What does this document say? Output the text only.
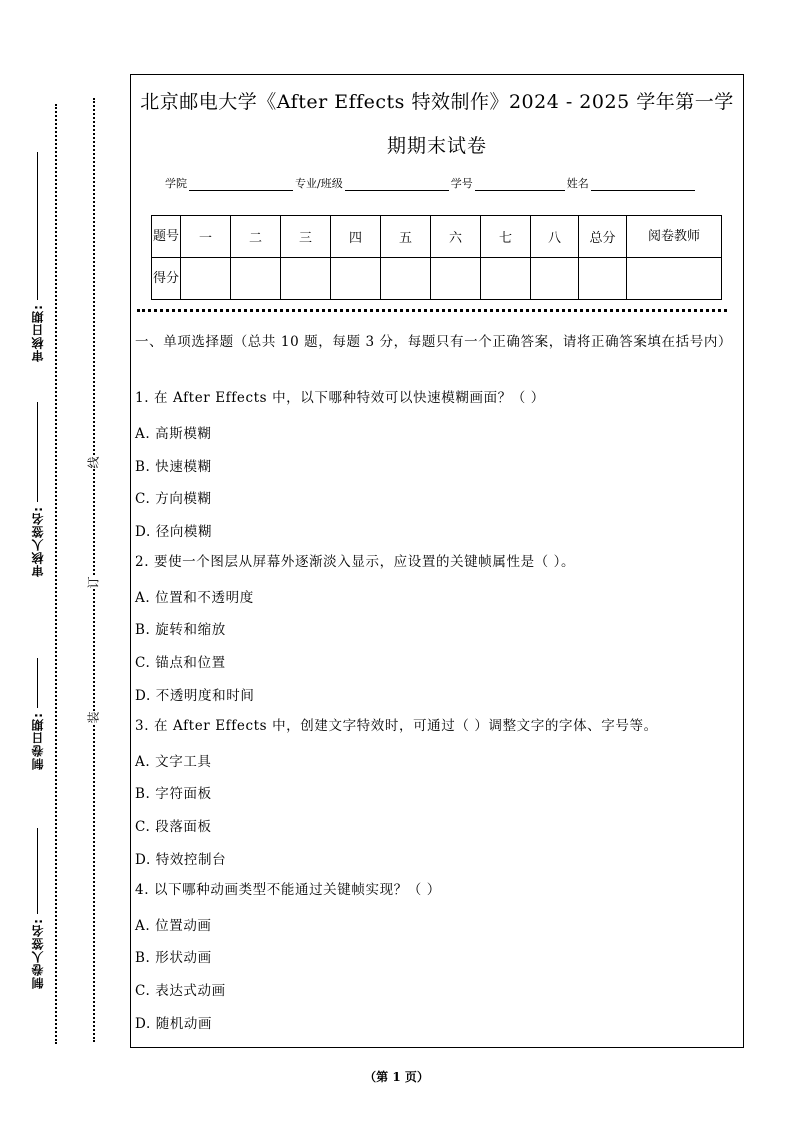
审核日期:
审核人签名:
制卷日期:
制卷人签名:
线
订
装
北京邮电大学《After Effects 特效制作》2024 - 2025 学年第一学
期期末试卷
学院	专业/班级	学号	姓名
题号	一	二	三	四	五	六	七	八	总分	阅卷教师
得分										
一、单项选择题（总共 10 题，每题 3 分，每题只有一个正确答案，请将正确答案填在括号内）
1. 在 After Effects 中，以下哪种特效可以快速模糊画面？（ ）
A. 高斯模糊
B. 快速模糊
C. 方向模糊
D. 径向模糊
2. 要使一个图层从屏幕外逐渐淡入显示，应设置的关键帧属性是（ ）。
A. 位置和不透明度
B. 旋转和缩放
C. 锚点和位置
D. 不透明度和时间
3. 在 After Effects 中，创建文字特效时，可通过（ ）调整文字的字体、字号等。
A. 文字工具
B. 字符面板
C. 段落面板
D. 特效控制台
4. 以下哪种动画类型不能通过关键帧实现？（ ）
A. 位置动画
B. 形状动画
C. 表达式动画
D. 随机动画
（第 1 页）
